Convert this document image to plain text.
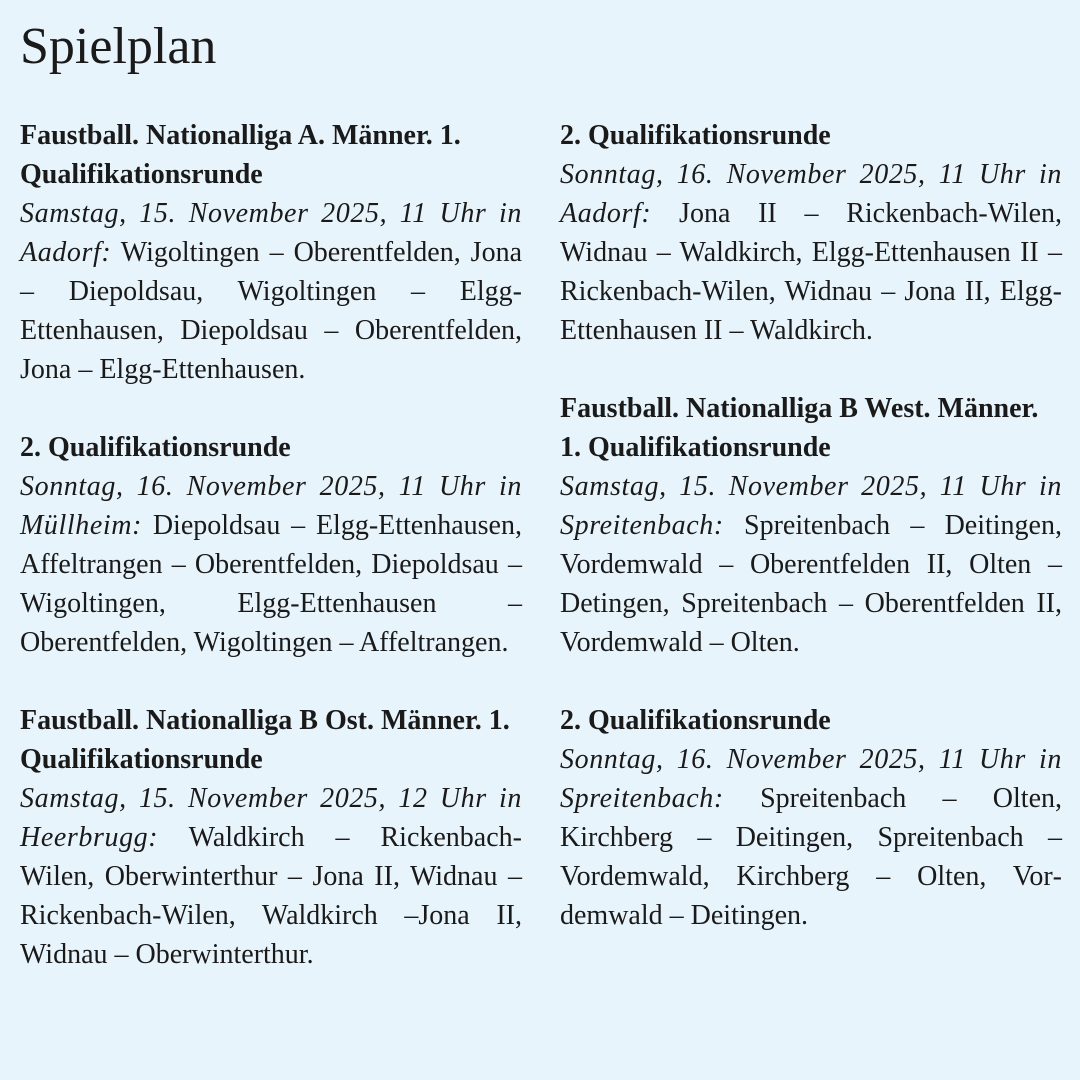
Spielplan

Faustball. Nationalliga A. Männer. 1. Qualifikationsrunde

Samstag, 15. November 2025, 11 Uhr in Aadorf: Wigoltingen – Oberentfelden, Jona – Diepoldsau, Wigoltingen – Elgg-Ettenhausen, Diepoldsau – Oberentfelden, Jona – Elgg-Ettenhausen.

2. Qualifikationsrunde

Sonntag, 16. November 2025, 11 Uhr in Müllheim: Diepoldsau – Elgg-Ettenhausen, Affeltrangen – Oberentfelden, Diepoldsau – Wigoltingen, Elgg-Ettenhausen – Oberentfelden, Wigoltingen – Affeltrangen.

Faustball. Nationalliga B Ost. Männer. 1. Qualifikationsrunde

Samstag, 15. November 2025, 12 Uhr in Heerbrugg: Waldkirch – Rickenbach-Wilen, Oberwinterthur – Jona II, Widnau – Rickenbach-Wilen, Waldkirch –Jona II, Widnau – Oberwinterthur.

2. Qualifikationsrunde

Sonntag, 16. November 2025, 11 Uhr in Aadorf: Jona II – Rickenbach-Wilen, Widnau – Waldkirch, Elgg-Ettenhausen II – Rickenbach-Wilen, Widnau – Jona II, Elgg-Ettenhausen II – Waldkirch.

Faustball. Nationalliga B West. Männer. 1. Qualifikationsrunde

Samstag, 15. November 2025, 11 Uhr in Spreitenbach: Spreitenbach – Deitingen, Vordemwald – Oberentfelden II, Olten – Detingen, Spreitenbach – Oberentfelden II, Vordemwald – Olten.

2. Qualifikationsrunde

Sonntag, 16. November 2025, 11 Uhr in Spreitenbach: Spreitenbach – Olten, Kirchberg – Deitingen, Spreitenbach – Vordemwald, Kirchberg – Olten, Vordemwald – Deitingen.
